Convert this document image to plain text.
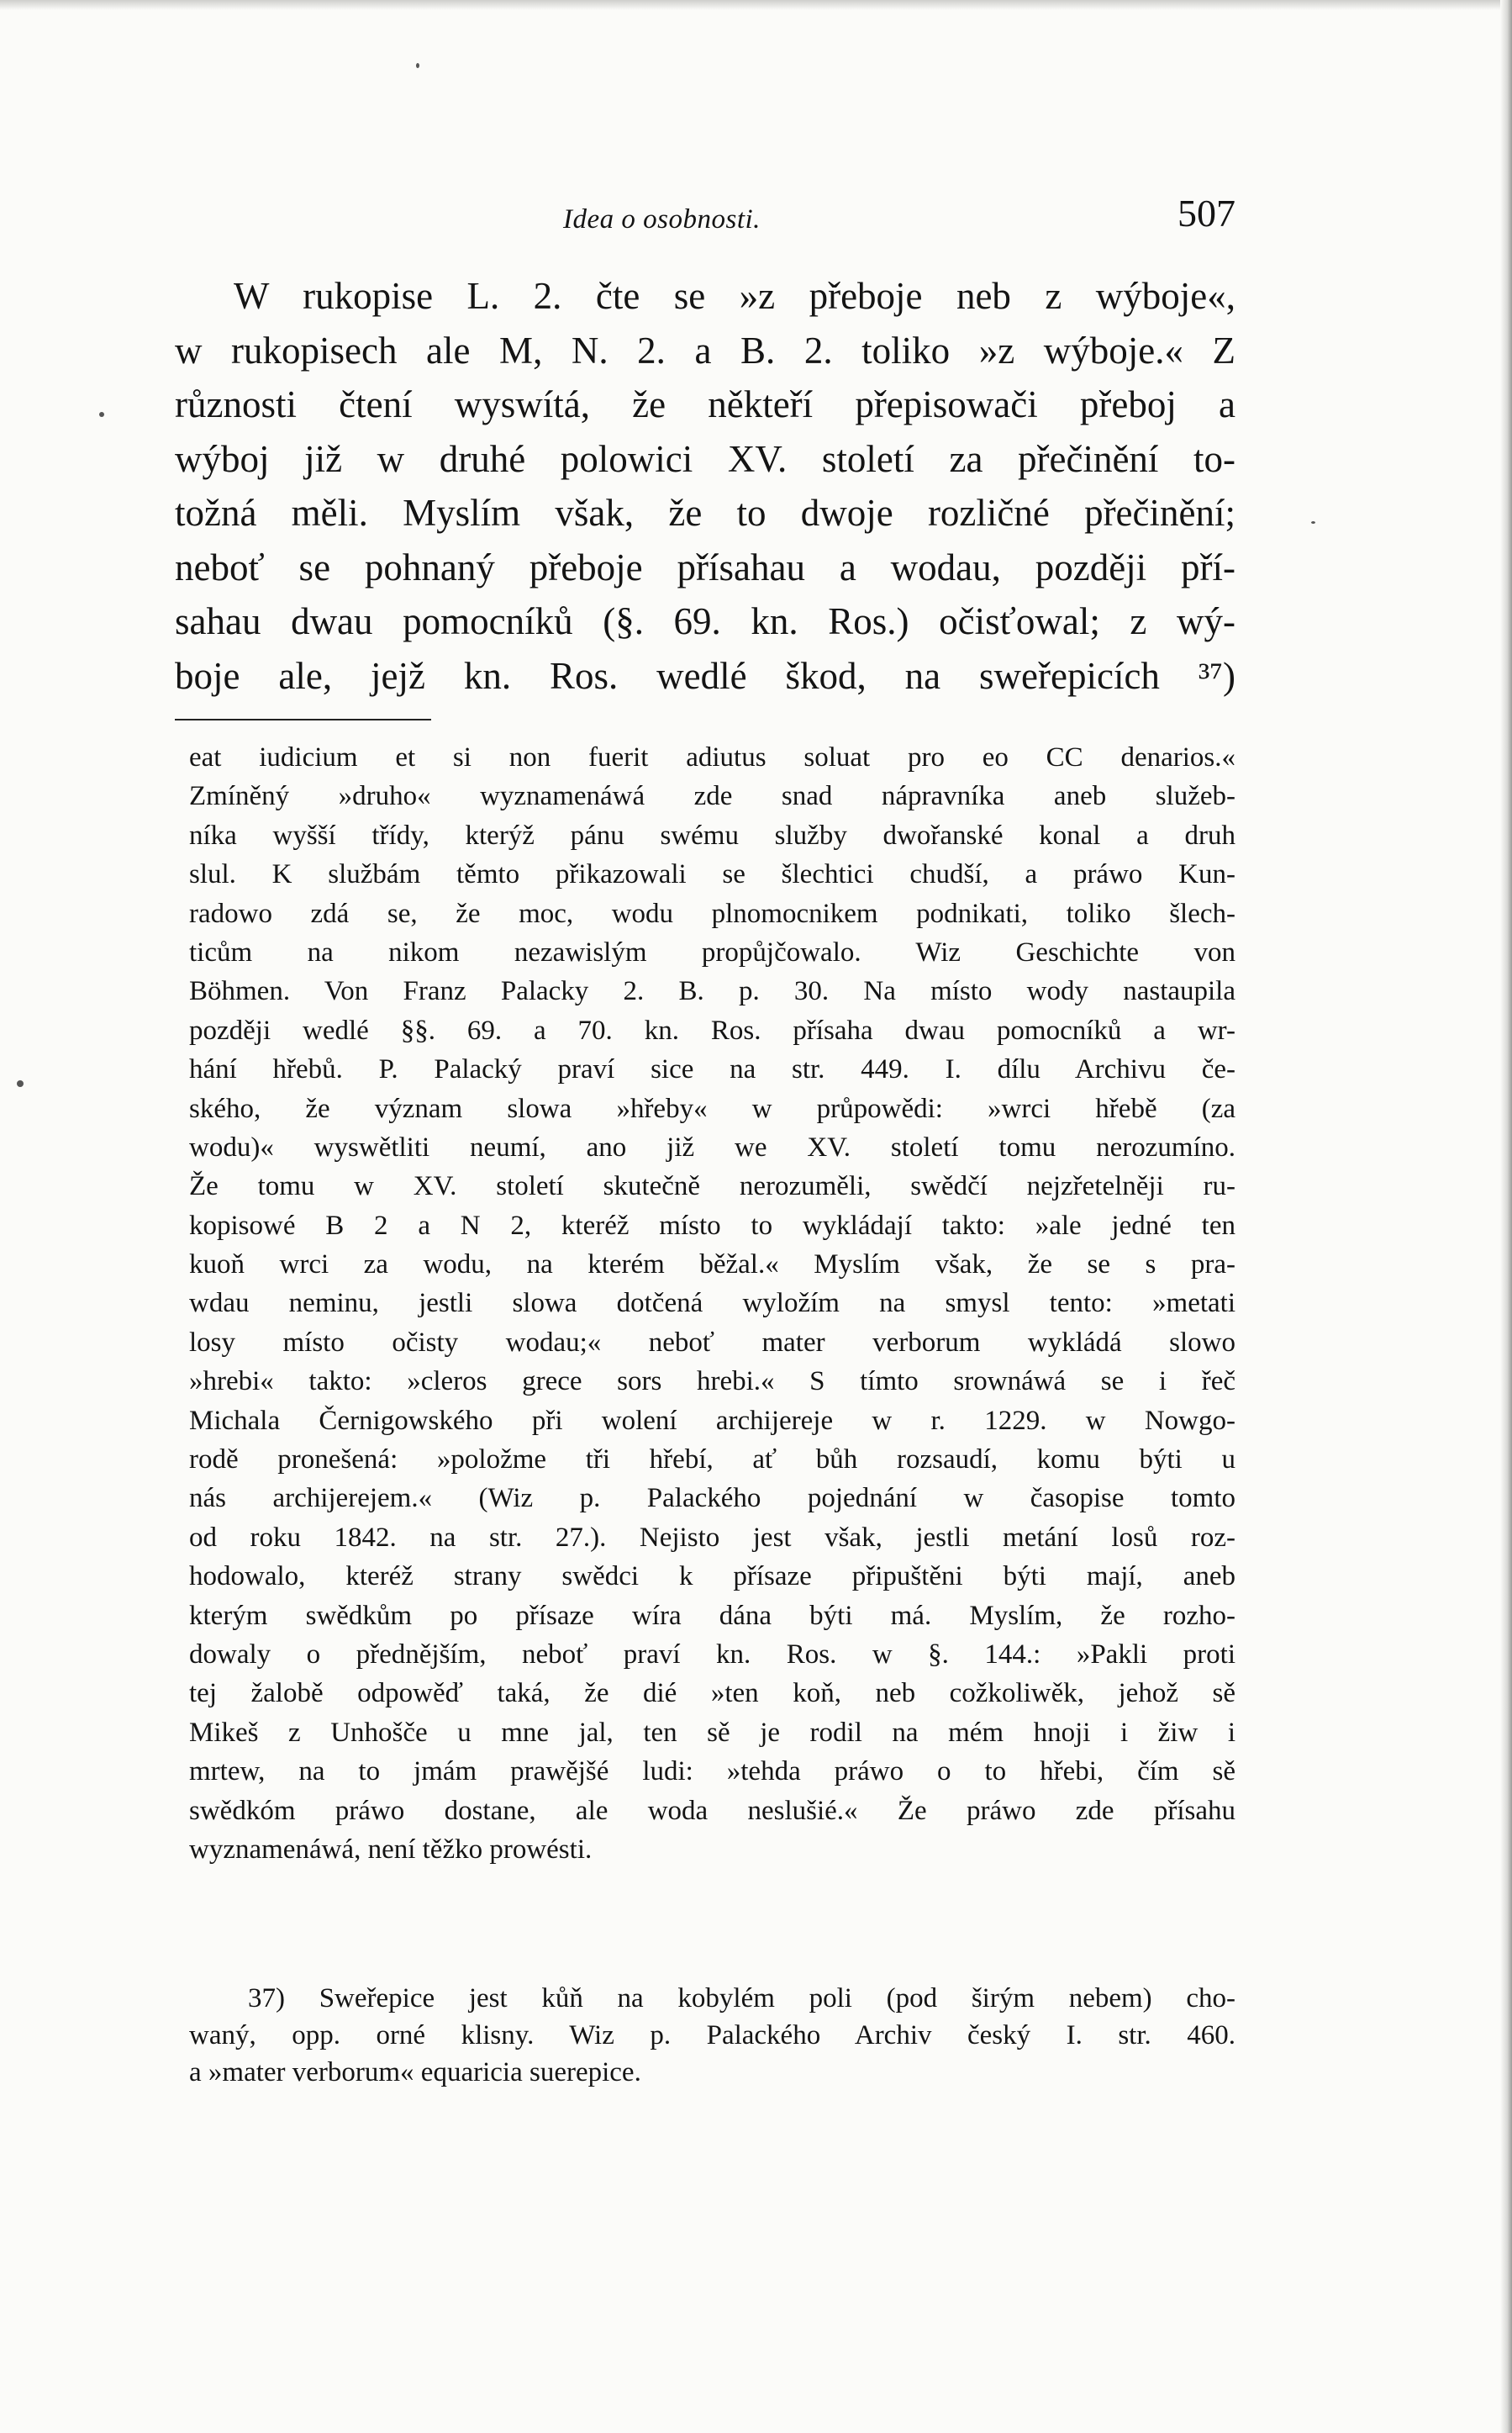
Idea o osobnosti.	507
W rukopise L. 2. čte se »z přeboje neb z wýboje«,
w rukopisech ale M, N. 2. a B. 2. toliko »z wýboje.« Z
různosti čtení wyswítá, že někteří přepisowači přeboj a
wýboj již w druhé polowici XV. století za přečinění to-
tožná měli. Myslím však, že to dwoje rozličné přečinění;
neboť se pohnaný přeboje přísahau a wodau, později pří-
sahau dwau pomocníků (§. 69. kn. Ros.) očisťowal; z wý-
boje ale, jejž kn. Ros. wedlé škod, na sweřepicích ³⁷)
eat iudicium et si non fuerit adiutus soluat pro eo CC denarios.«
Zmíněný »druho« wyznamenáwá zde snad nápravníka aneb služeb-
níka wyšší třídy, kterýž pánu swému služby dwořanské konal a druh
slul. K službám těmto přikazowali se šlechtici chudší, a práwo Kun-
radowo zdá se, že moc, wodu plnomocnikem podnikati, toliko šlech-
ticům na nikom nezawislým propůjčowalo. Wiz Geschichte von
Böhmen. Von Franz Palacky 2. B. p. 30. Na místo wody nastaupila
později wedlé §§. 69. a 70. kn. Ros. přísaha dwau pomocníků a wr-
hání hřebů. P. Palacký praví sice na str. 449. I. dílu Archivu če-
ského, že význam slowa »hřeby« w průpowědi: »wrci hřebě (za
wodu)« wyswětliti neumí, ano již we XV. století tomu nerozumíno.
Že tomu w XV. století skutečně nerozuměli, swědčí nejzřetelněji ru-
kopisowé B 2 a N 2, kteréž místo to wykládají takto: »ale jedné ten
kuoň wrci za wodu, na kterém běžal.« Myslím však, že se s pra-
wdau neminu, jestli slowa dotčená wyložím na smysl tento: »metati
losy místo očisty wodau;« neboť mater verborum wykládá slowo
»hrebi« takto: »cleros grece sors hrebi.« S tímto srownáwá se i řeč
Michala Černigowského při wolení archijereje w r. 1229. w Nowgo-
rodě pronešená: »položme tři hřebí, ať bůh rozsaudí, komu býti u
nás archijerejem.« (Wiz p. Palackého pojednání w časopise tomto
od roku 1842. na str. 27.). Nejisto jest však, jestli metání losů roz-
hodowalo, kteréž strany swědci k přísaze připuštěni býti mají, aneb
kterým swědkům po přísaze wíra dána býti má. Myslím, že rozho-
dowaly o přednějším, neboť praví kn. Ros. w §. 144.: »Pakli proti
tej žalobě odpowěď taká, že dié »ten koň, neb cožkoliwěk, jehož sě
Mikeš z Unhošče u mne jal, ten sě je rodil na mém hnoji i žiw i
mrtew, na to jmám prawějšé ludi: »tehda práwo o to hřebi, čím sě
swědkóm práwo dostane, ale woda neslušié.« Že práwo zde přísahu
wyznamenáwá, není těžko prowésti.
37) Sweřepice jest kůň na kobylém poli (pod širým nebem) cho-
waný, opp. orné klisny. Wiz p. Palackého Archiv český I. str. 460.
a »mater verborum« equaricia suerepice.
